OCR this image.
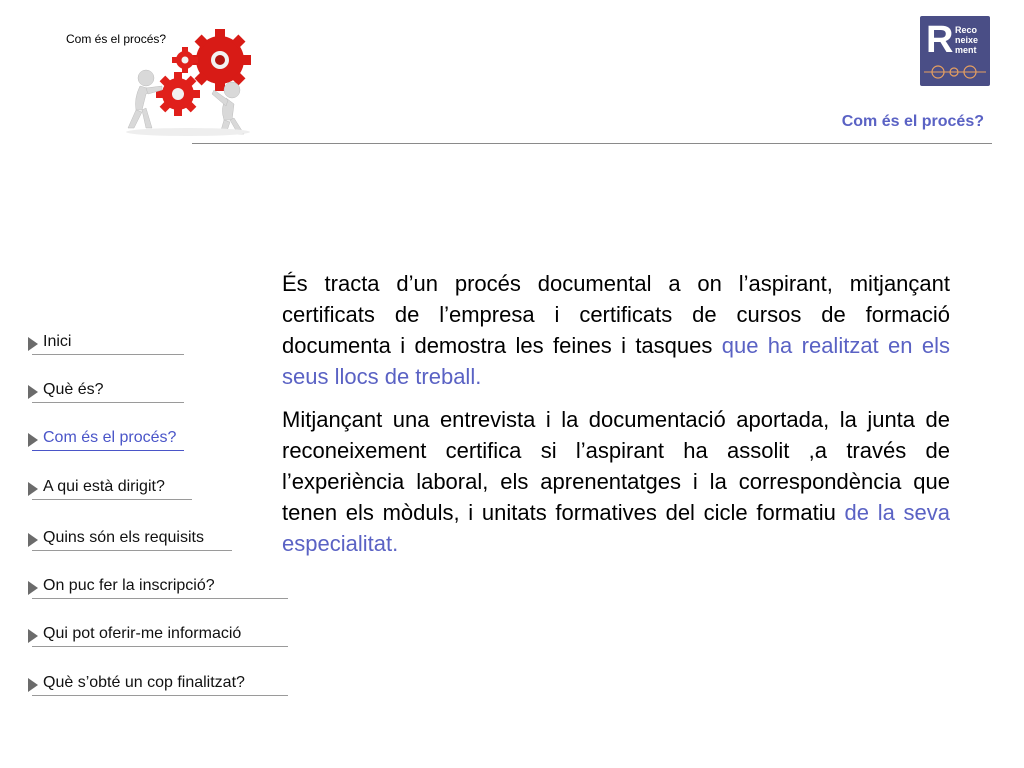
Com és el procés?	R Reco
neixe
ment
Com és el procés?
Inici
Què és?
Com és el procés?
A qui està dirigit?
Quins són els requisits
On puc fer la inscripció?
Qui pot oferir-me informació
Què s’obté un cop finalitzat?

És tracta d’un procés documental a on l’aspirant, mitjançant certificats de l’empresa i certificats de cursos de formació documenta i demostra les feines i tasques que ha realitzat en els seus llocs de treball.

Mitjançant una entrevista i la documentació aportada, la junta de reconeixement certifica si l’aspirant ha assolit ,a través de l’experiència laboral, els aprenentatges i la correspondència que tenen els mòduls, i unitats formatives del cicle formatiu de la seva especialitat.
